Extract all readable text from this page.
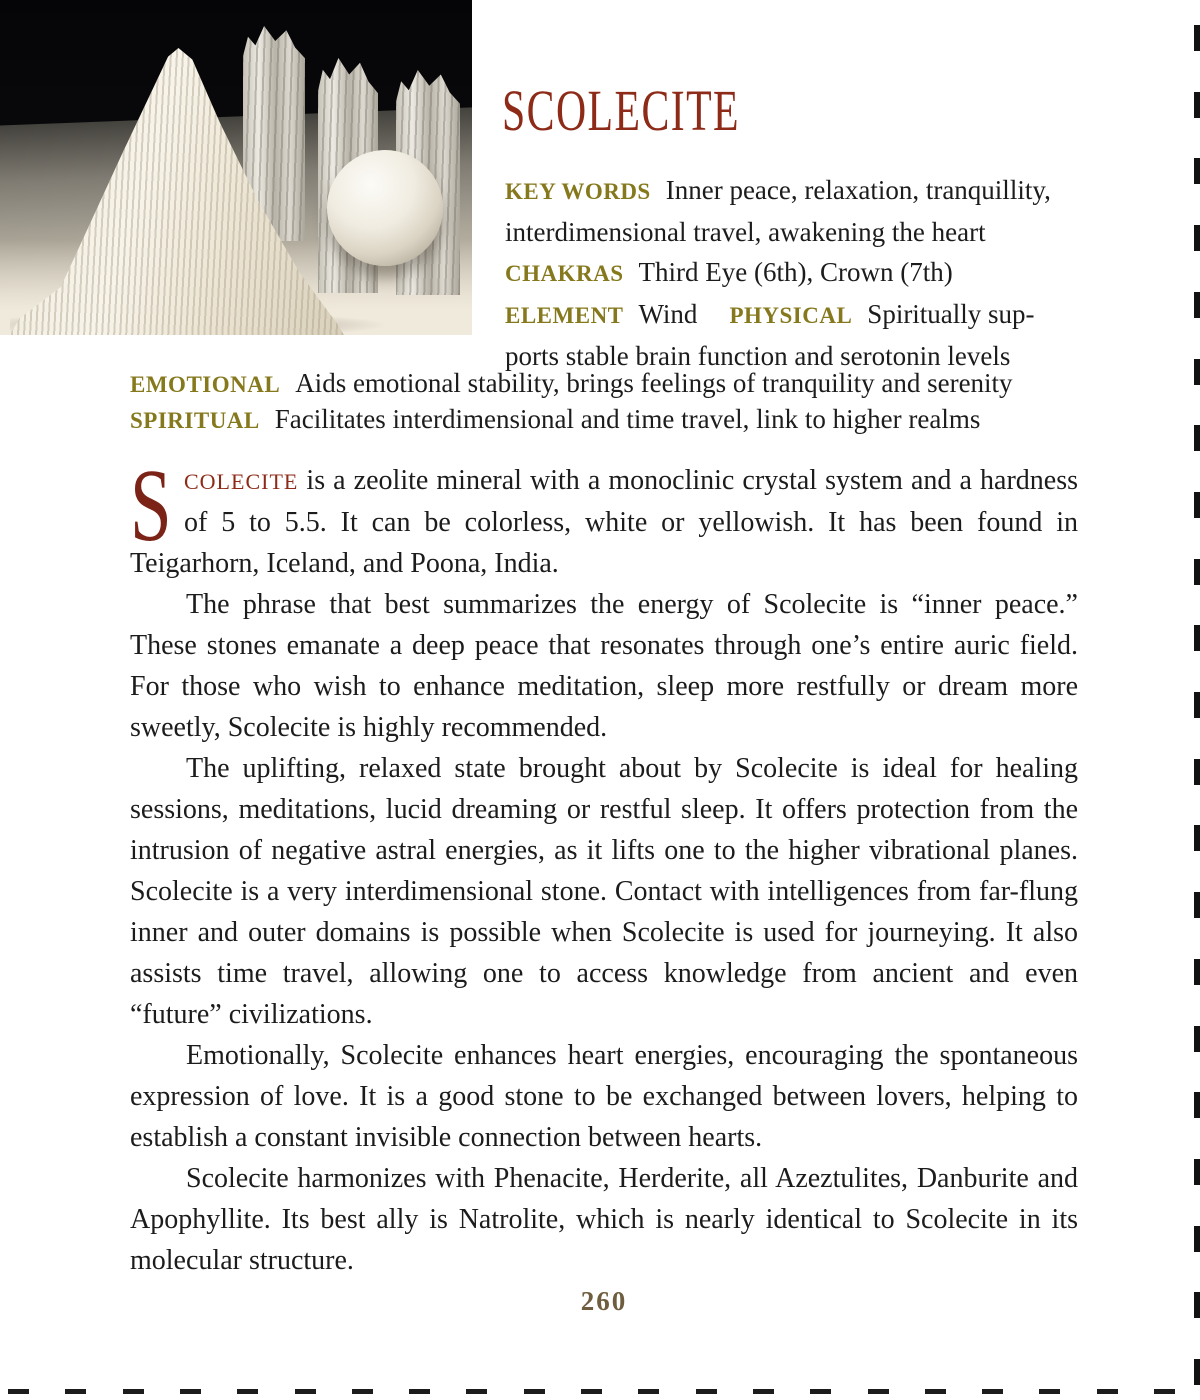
SCOLECITE
KEY WORDS Inner peace, relaxation, tranquillity,
interdimensional travel, awakening the heart
CHAKRAS Third Eye (6th), Crown (7th)
ELEMENT Wind PHYSICAL Spiritually sup-
ports stable brain function and serotonin levels
EMOTIONAL Aids emotional stability, brings feelings of tranquility and serenity
SPIRITUAL Facilitates interdimensional and time travel, link to higher realms

SCOLECITE is a zeolite mineral with a monoclinic crystal system and a hardness of 5 to 5.5. It can be colorless, white or yellowish. It has been found in Teigarhorn, Iceland, and Poona, India.

The phrase that best summarizes the energy of Scolecite is “inner peace.” These stones emanate a deep peace that resonates through one’s entire auric field. For those who wish to enhance meditation, sleep more restfully or dream more sweetly, Scolecite is highly recommended.

The uplifting, relaxed state brought about by Scolecite is ideal for healing sessions, meditations, lucid dreaming or restful sleep. It offers protection from the intrusion of negative astral energies, as it lifts one to the higher vibrational planes. Scolecite is a very interdimensional stone. Contact with intelligences from far-flung inner and outer domains is possible when Scolecite is used for journeying. It also assists time travel, allowing one to access knowledge from ancient and even “future” civilizations.

Emotionally, Scolecite enhances heart energies, encouraging the spontaneous expression of love. It is a good stone to be exchanged between lovers, helping to establish a constant invisible connection between hearts.

Scolecite harmonizes with Phenacite, Herderite, all Azeztulites, Danburite and Apophyllite. Its best ally is Natrolite, which is nearly identical to Scolecite in its molecular structure.

260
